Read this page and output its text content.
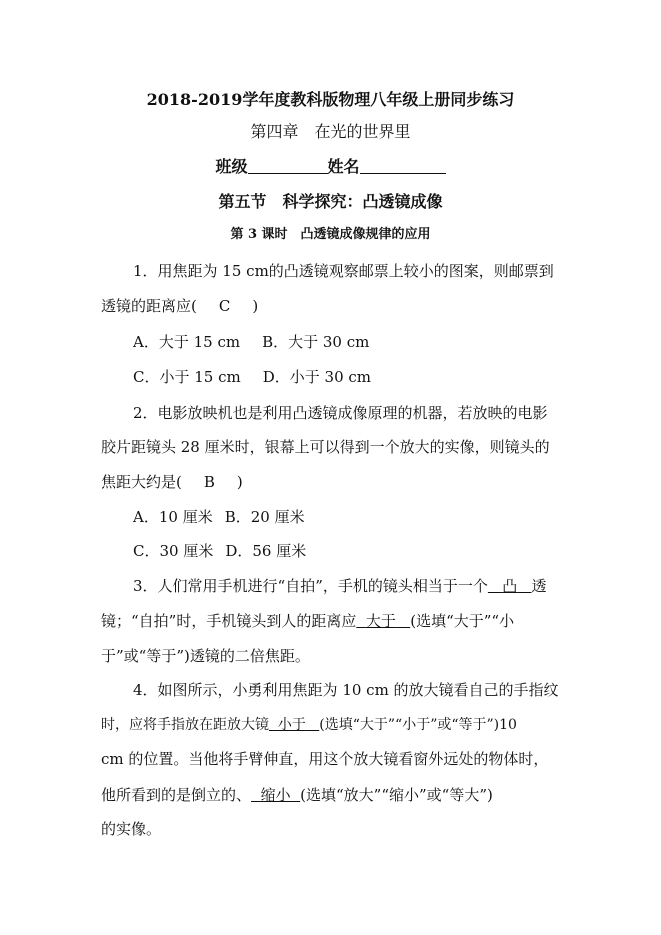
2018-2019学年度教科版物理八年级上册同步练习
第四章　在光的世界里
班级	姓名
第五节　科学探究：凸透镜成像
第 3 课时　凸透镜成像规律的应用
1．用焦距为 15 cm的凸透镜观察邮票上较小的图案，则邮票到
透镜的距离应( C )
A．大于 15 cm B．大于 30 cm
C．小于 15 cm D．小于 30 cm
2．电影放映机也是利用凸透镜成像原理的机器，若放映的电影
胶片距镜头 28 厘米时，银幕上可以得到一个放大的实像，则镜头的
焦距大约是( B )
A．10 厘米 B．20 厘米
C．30 厘米 D．56 厘米
3．人们常用手机进行“自拍”，手机的镜头相当于一个 凸 透
镜；“自拍”时，手机镜头到人的距离应 大于 (选填“大于”“小
于”或“等于”)透镜的二倍焦距。
4．如图所示，小勇利用焦距为 10 cm 的放大镜看自己的手指纹
时，应将手指放在距放大镜 小于 (选填“大于”“小于”或“等于”)10
cm 的位置。当他将手臂伸直，用这个放大镜看窗外远处的物体时，
他所看到的是倒立的、 缩小 (选填“放大”“缩小”或“等大”)
的实像。
